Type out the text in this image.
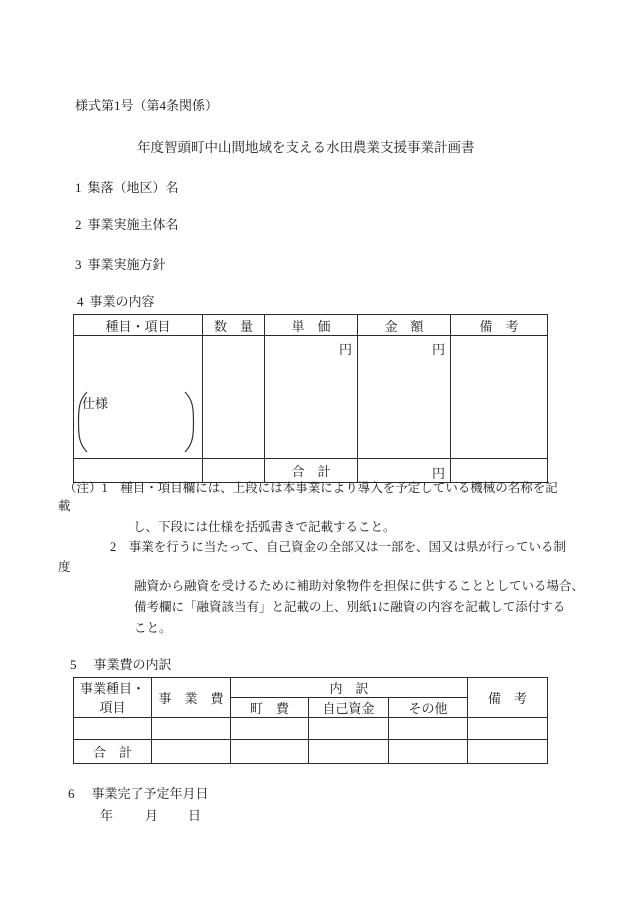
様式第1号（第4条関係）
年度智頭町中山間地域を支える水田農業支援事業計画書
1 集落（地区）名
2 事業実施主体名
3 事業実施方針
4 事業の内容
種目・項目	数　量	単　価	金　額	備　考

仕様		円	円	
		合　計	円	
（注）1　種目・項目欄には、上段には本事業により導入を予定している機械の名称を記
載
し、下段には仕様を括弧書きで記載すること。
2　事業を行うに当たって、自己資金の全部又は一部を、国又は県が行っている制
度
融資から融資を受けるために補助対象物件を担保に供することとしている場合、
備考欄に「融資該当有」と記載の上、別紙1に融資の内容を記載して添付する
こと。
5 事業費の内訳
事業種目・項目	事　業　費	内　訳			備　考
		町　費	自己資金	その他	

合　計					
6 事業完了予定年月日
年 月 日
